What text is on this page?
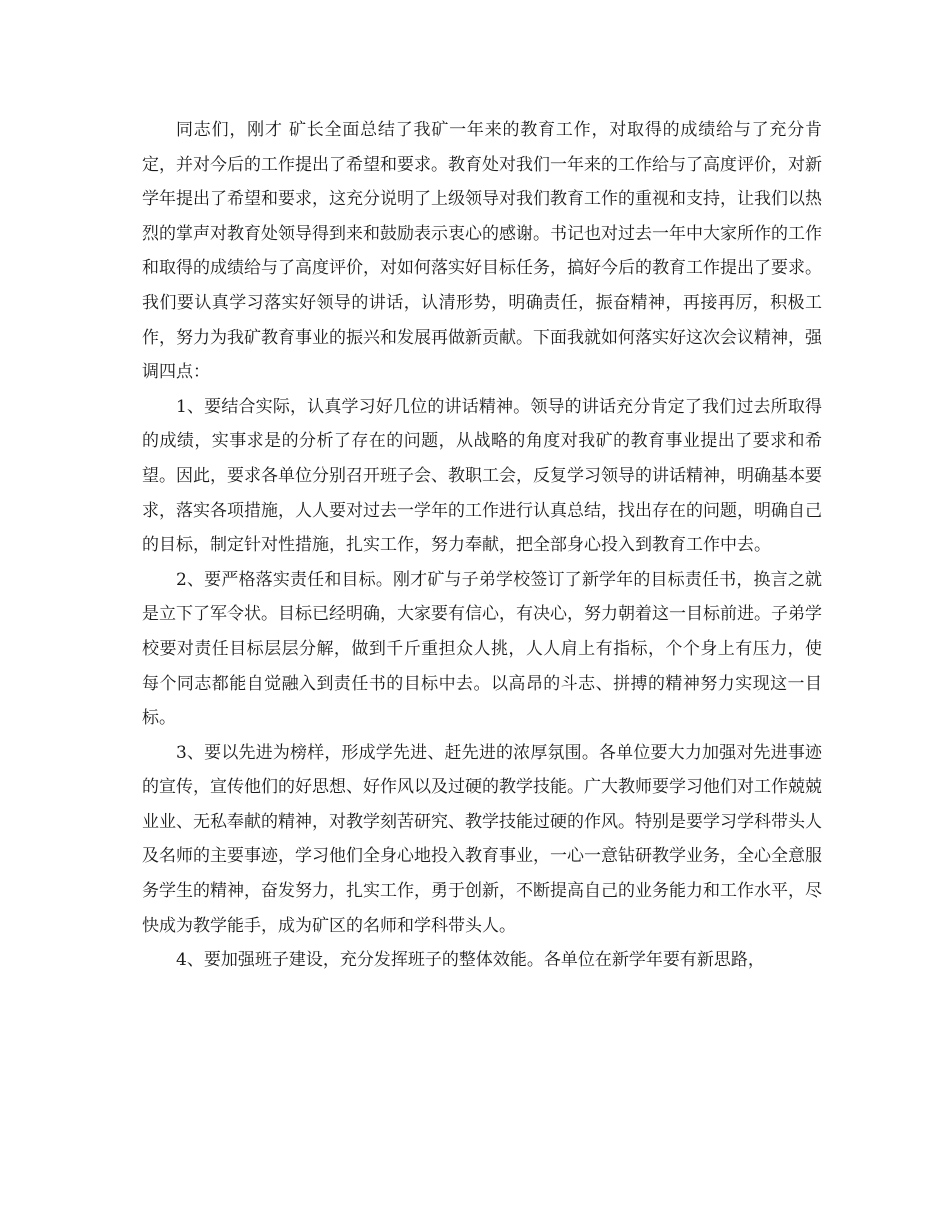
同志们，刚才 矿长全面总结了我矿一年来的教育工作，对取得的成绩给与了充分肯定，并对今后的工作提出了希望和要求。教育处对我们一年来的工作给与了高度评价，对新学年提出了希望和要求，这充分说明了上级领导对我们教育工作的重视和支持，让我们以热烈的掌声对教育处领导得到来和鼓励表示衷心的感谢。书记也对过去一年中大家所作的工作和取得的成绩给与了高度评价，对如何落实好目标任务，搞好今后的教育工作提出了要求。我们要认真学习落实好领导的讲话，认清形势，明确责任，振奋精神，再接再厉，积极工作，努力为我矿教育事业的振兴和发展再做新贡献。下面我就如何落实好这次会议精神，强调四点：

1、要结合实际，认真学习好几位的讲话精神。领导的讲话充分肯定了我们过去所取得的成绩，实事求是的分析了存在的问题，从战略的角度对我矿的教育事业提出了要求和希望。因此，要求各单位分别召开班子会、教职工会，反复学习领导的讲话精神，明确基本要求，落实各项措施，人人要对过去一学年的工作进行认真总结，找出存在的问题，明确自己的目标，制定针对性措施，扎实工作，努力奉献，把全部身心投入到教育工作中去。

2、要严格落实责任和目标。刚才矿与子弟学校签订了新学年的目标责任书，换言之就是立下了军令状。目标已经明确，大家要有信心，有决心，努力朝着这一目标前进。子弟学校要对责任目标层层分解，做到千斤重担众人挑，人人肩上有指标，个个身上有压力，使 每个同志都能自觉融入到责任书的目标中去。以高昂的斗志、拼搏的精神努力实现这一目标。

3、要以先进为榜样，形成学先进、赶先进的浓厚氛围。各单位要大力加强对先进事迹的宣传，宣传他们的好思想、好作风以及过硬的教学技能。广大教师要学习他们对工作兢兢业业、无私奉献的精神，对教学刻苦研究、教学技能过硬的作风。特别是要学习学科带头人及名师的主要事迹，学习他们全身心地投入教育事业，一心一意钻研教学业务，全心全意服务学生的精神，奋发努力，扎实工作，勇于创新，不断提高自己的业务能力和工作水平，尽快成为教学能手，成为矿区的名师和学科带头人。

4、要加强班子建设，充分发挥班子的整体效能。各单位在新学年要有新思路，
